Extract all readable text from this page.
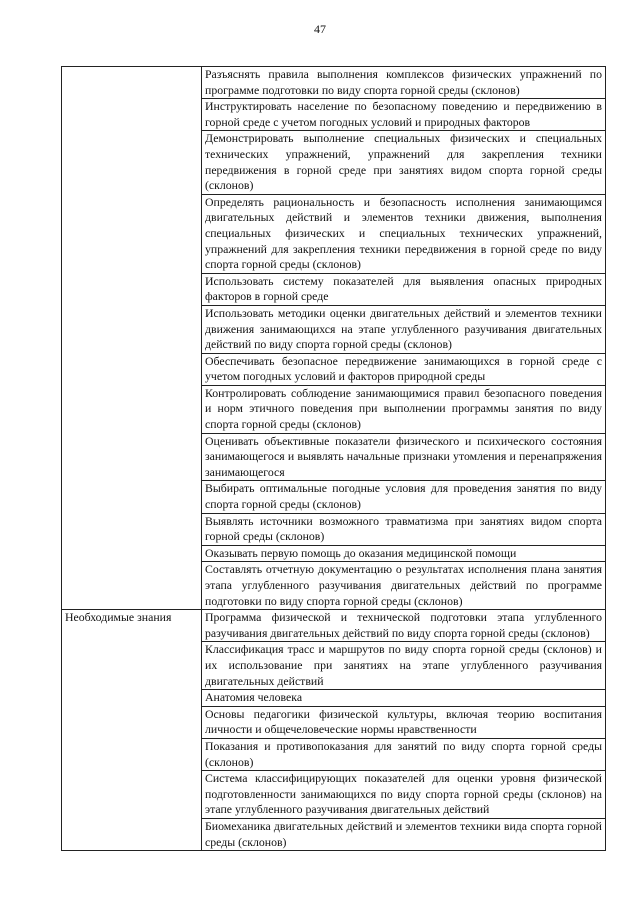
47
	Разъяснять правила выполнения комплексов физических упражнений по программе подготовки по виду спорта горной среды (склонов)
	Инструктировать население по безопасному поведению и передвижению в горной среде с учетом погодных условий и природных факторов
	Демонстрировать выполнение специальных физических и специальных технических упражнений, упражнений для закрепления техники передвижения в горной среде при занятиях видом спорта горной среды (склонов)
	Определять рациональность и безопасность исполнения занимающимся двигательных действий и элементов техники движения, выполнения специальных физических и специальных технических упражнений, упражнений для закрепления техники передвижения в горной среде по виду спорта горной среды (склонов)
	Использовать систему показателей для выявления опасных природных факторов в горной среде
	Использовать методики оценки двигательных действий и элементов техники движения занимающихся на этапе углубленного разучивания двигательных действий по виду спорта горной среды (склонов)
	Обеспечивать безопасное передвижение занимающихся в горной среде с учетом погодных условий и факторов природной среды
	Контролировать соблюдение занимающимися правил безопасного поведения и норм этичного поведения при выполнении программы занятия по виду спорта горной среды (склонов)
	Оценивать объективные показатели физического и психического состояния занимающегося и выявлять начальные признаки утомления и перенапряжения занимающегося
	Выбирать оптимальные погодные условия для проведения занятия по виду спорта горной среды (склонов)
	Выявлять источники возможного травматизма при занятиях видом спорта горной среды (склонов)
	Оказывать первую помощь до оказания медицинской помощи
	Составлять отчетную документацию о результатах исполнения плана занятия этапа углубленного разучивания двигательных действий по программе подготовки по виду спорта горной среды (склонов)
Необходимые знания	Программа физической и технической подготовки этапа углубленного разучивания двигательных действий по виду спорта горной среды (склонов)
	Классификация трасс и маршрутов по виду спорта горной среды (склонов) и их использование при занятиях на этапе углубленного разучивания двигательных действий
	Анатомия человека
	Основы педагогики физической культуры, включая теорию воспитания личности и общечеловеческие нормы нравственности
	Показания и противопоказания для занятий по виду спорта горной среды (склонов)
	Система классифицирующих показателей для оценки уровня физической подготовленности занимающихся по виду спорта горной среды (склонов) на этапе углубленного разучивания двигательных действий
	Биомеханика двигательных действий и элементов техники вида спорта горной среды (склонов)
